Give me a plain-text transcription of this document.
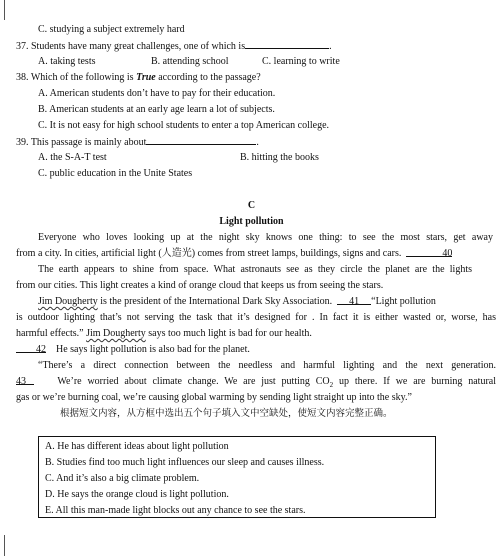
C. studying a subject extremely hard
37. Students have many great challenges, one of which is	.
A. taking tests	B. attending school	C. learning to write
38. Which of the following is True according to the passage?
A. American students don’t have to pay for their education.
B. American students at an early age learn a lot of subjects.
C. It is not easy for high school students to enter a top American college.
39. This passage is mainly about	.
A. the S-A-T test	B. hitting the books
C. public education in the Unite States
C
Light pollution
Everyone who loves looking up at the night sky knows one thing: to see the most stars, get away
from a city. In cities, artificial light (人造光) comes from street lamps, buildings, signs and cars.	40
The earth appears to shine from space. What astronauts see as they circle the planet are the lights
from our cities. This light creates a kind of orange cloud that keeps us from seeing the stars.
Jim Dougherty is the president of the International Dark Sky Association. 41 “Light pollution
is outdoor lighting that’s not serving the task that it’s designed for . In fact it is either wasted or, worse, has
harmful effects.” Jim Dougherty says too much light is bad for our health.
42 He says light pollution is also bad for the planet.
“There’s a direct connection between the needless and harmful lighting and the next generation.
43	We’re worried about climate change. We are just putting $CO_2$ up there. If we are burning natural
gas or we’re burning coal, we’re causing global warming by sending light straight up into the sky.”
根据短文内容，从方框中选出五个句子填入文中空缺处，使短文内容完整正确。
A. He has different ideas about light pollution
B. Studies find too much light influences our sleep and causes illness.
C. And it’s also a big climate problem.
D. He says the orange cloud is light pollution.
E. All this man-made light blocks out any chance to see the stars.
